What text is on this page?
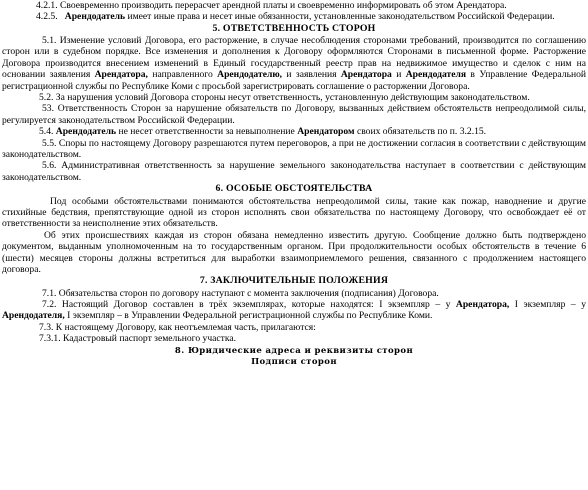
4.2.1. Своевременно производить перерасчет арендной платы и своевременно информировать об этом Арендатора.

4.2.5. Арендодатель имеет иные права и несет иные обязанности, установленные законодательством Российской Федерации.

5. ОТВЕТСТВЕННОСТЬ СТОРОН

5.1. Изменение условий Договора, его расторжение, в случае несоблюдения сторонами требований, производится по соглашению сторон или в судебном порядке. Все изменения и дополнения к Договору оформляются Сторонами в письменной форме. Расторжение Договора производится внесением изменений в Единый государственный реестр прав на недвижимое имущество и сделок с ним на основании заявления Арендатора, направленного Арендодателю, и заявления Арендатора и Арендодателя в Управление Федеральной регистрационной службы по Республике Коми с просьбой зарегистрировать соглашение о расторжении Договора.

5.2. За нарушения условий Договора стороны несут ответственность, установленную действующим законодательством.

53. Ответственность Сторон за нарушение обязательств по Договору, вызванных действием обстоятельств непреодолимой силы, регулируется законодательством Российской Федерации.

5.4. Арендодатель не несет ответственности за невыполнение Арендатором своих обязательств по п. 3.2.15.

5.5. Споры по настоящему Договору разрешаются путем переговоров, а при не достижении согласия в соответствии с действующим законодательством.

5.6. Административная ответственность за нарушение земельного законодательства наступает в соответствии с действующим законодательством.

6. ОСОБЫЕ ОБСТОЯТЕЛЬСТВА

Под особыми обстоятельствами понимаются обстоятельства непреодолимой силы, такие как пожар, наводнение и другие стихийные бедствия, препятствующие одной из сторон исполнять свои обязательства по настоящему Договору, что освобождает её от ответственности за неисполнение этих обязательств.

Об этих происшествиях каждая из сторон обязана немедленно известить другую. Сообщение должно быть подтверждено документом, выданным уполномоченным на то государственным органом. При продолжительности особых обстоятельств в течение 6 (шести) месяцев стороны должны встретиться для выработки взаимоприемлемого решения, связанного с продолжением настоящего договора.

7. ЗАКЛЮЧИТЕЛЬНЫЕ ПОЛОЖЕНИЯ

7.1. Обязательства сторон по договору наступают с момента заключения (подписания) Договора.

7.2. Настоящий Договор составлен в трёх экземплярах, которые находятся: I экземпляр – у Арендатора, I экземпляр – у Арендодателя, I экземпляр – в Управлении Федеральной регистрационной службы по Республике Коми.

7.3. К настоящему Договору, как неотъемлемая часть, прилагаются:

7.3.1. Кадастровый паспорт земельного участка.

8. Юридические адреса и реквизиты сторон
Подписи сторон
